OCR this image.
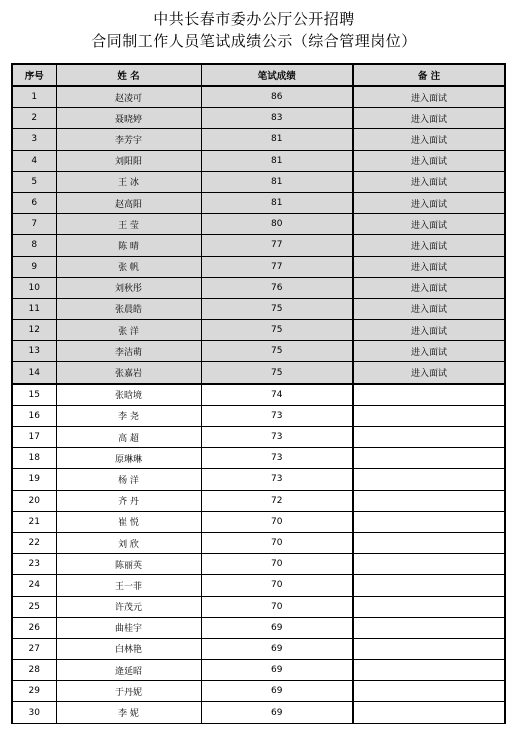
中共长春市委办公厅公开招聘
合同制工作人员笔试成绩公示（综合管理岗位）
序号	姓 名	笔试成绩	备 注
1	赵凌可	86	进入面试
2	聂晓婷	83	进入面试
3	李芳宇	81	进入面试
4	刘阳阳	81	进入面试
5	王 冰	81	进入面试
6	赵高阳	81	进入面试
7	王 莹	80	进入面试
8	陈 晴	77	进入面试
9	张 帆	77	进入面试
10	刘秋彤	76	进入面试
11	张晨皓	75	进入面试
12	张 洋	75	进入面试
13	李洁萌	75	进入面试
14	张嘉岩	75	进入面试
15	张晗境	74	
16	李 尧	73	
17	高 超	73	
18	原琳琳	73	
19	杨 洋	73	
20	齐 丹	72	
21	崔 悦	70	
22	刘 欣	70	
23	陈丽英	70	
24	王一菲	70	
25	许茂元	70	
26	曲桂宇	69	
27	白林艳	69	
28	逄延昭	69	
29	于丹妮	69	
30	李 妮	69	
